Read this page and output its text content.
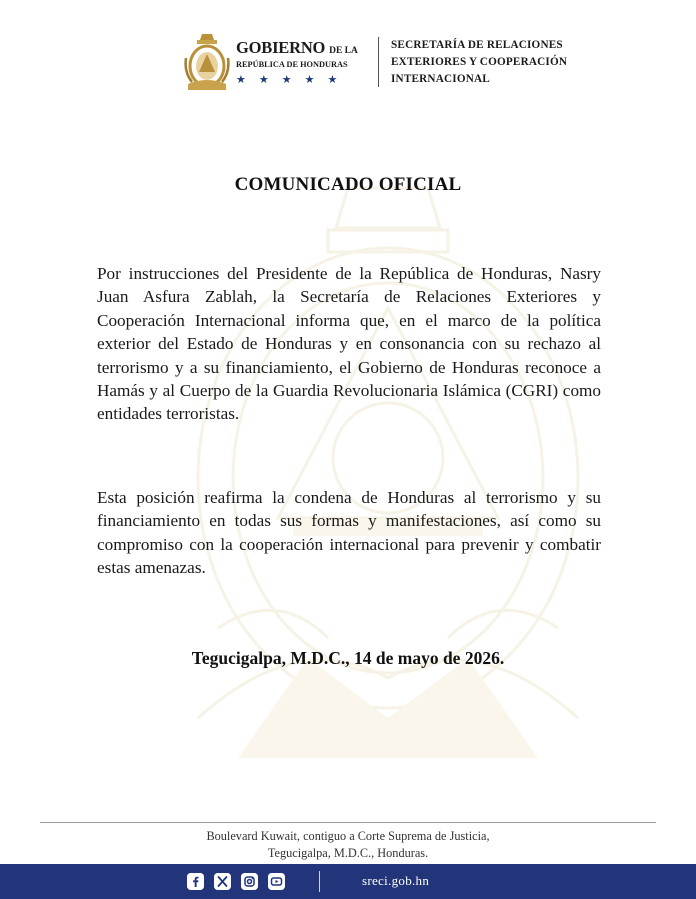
GOBIERNO DE LA
REPÚBLICA DE HONDURAS
★★★★★
SECRETARÍA DE RELACIONES
EXTERIORES Y COOPERACIÓN
INTERNACIONAL
COMUNICADO OFICIAL
Por instrucciones del Presidente de la República de Honduras, Nasry Juan Asfura Zablah, la Secretaría de Relaciones Exteriores y Cooperación Internacional informa que, en el marco de la política exterior del Estado de Honduras y en consonancia con su rechazo al terrorismo y a su financiamiento, el Gobierno de Honduras reconoce a Hamás y al Cuerpo de la Guardia Revolucionaria Islámica (CGRI) como entidades terroristas.
Esta posición reafirma la condena de Honduras al terrorismo y su financiamiento en todas sus formas y manifestaciones, así como su compromiso con la cooperación internacional para prevenir y combatir estas amenazas.
Tegucigalpa, M.D.C., 14 de mayo de 2026.
Boulevard Kuwait, contiguo a Corte Suprema de Justicia,
Tegucigalpa, M.D.C., Honduras.
sreci.gob.hn
